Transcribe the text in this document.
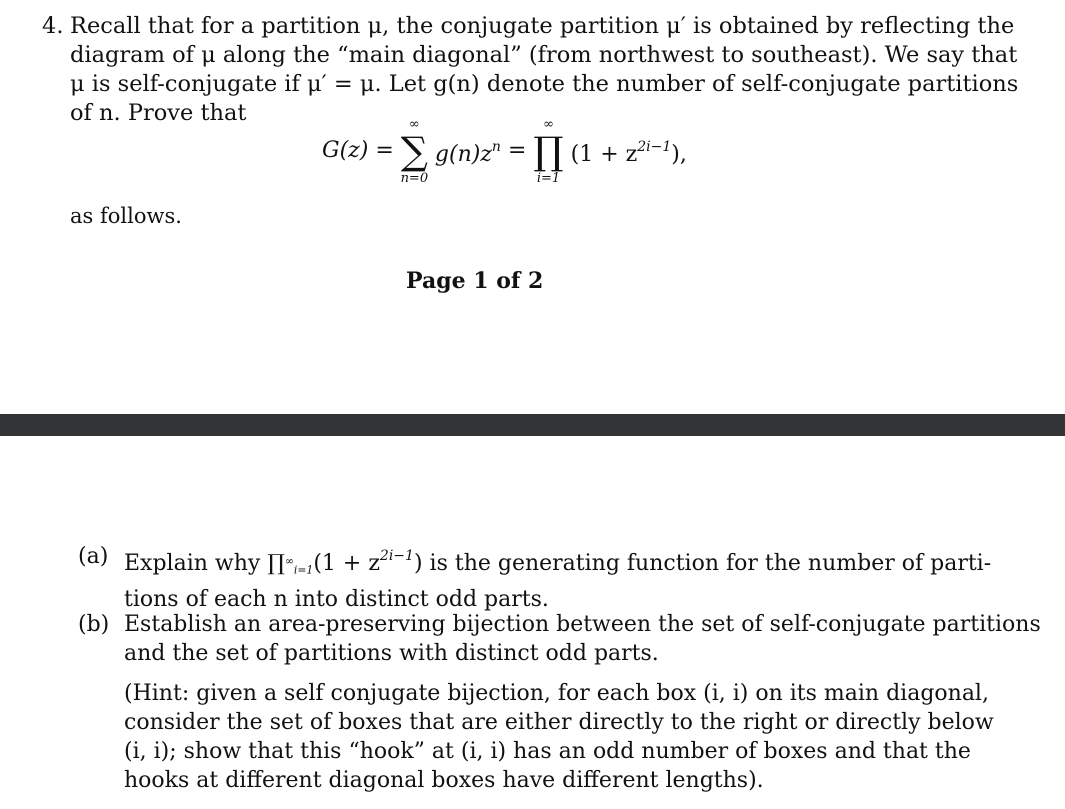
4. Recall that for a partition μ, the conjugate partition μ′ is obtained by reflecting the
diagram of μ along the “main diagonal” (from northwest to southeast). We say that
μ is self-conjugate if μ′ = μ. Let g(n) denote the number of self-conjugate partitions
of n. Prove that
G(z) =
∞
∑
n=0
$g(n)z^n$ =
∞
∏
i=1
$(1 + z^{2i-1})$,
as follows.
Page 1 of 2
(a) Explain why $\prod^\infty_{i=1}(1 + z^{2i-1})$ is the generating function for the number of parti-
tions of each n into distinct odd parts.
(b) Establish an area-preserving bijection between the set of self-conjugate partitions
and the set of partitions with distinct odd parts.
(Hint: given a self conjugate bijection, for each box (i, i) on its main diagonal,
consider the set of boxes that are either directly to the right or directly below
(i, i); show that this “hook” at (i, i) has an odd number of boxes and that the
hooks at different diagonal boxes have different lengths).
